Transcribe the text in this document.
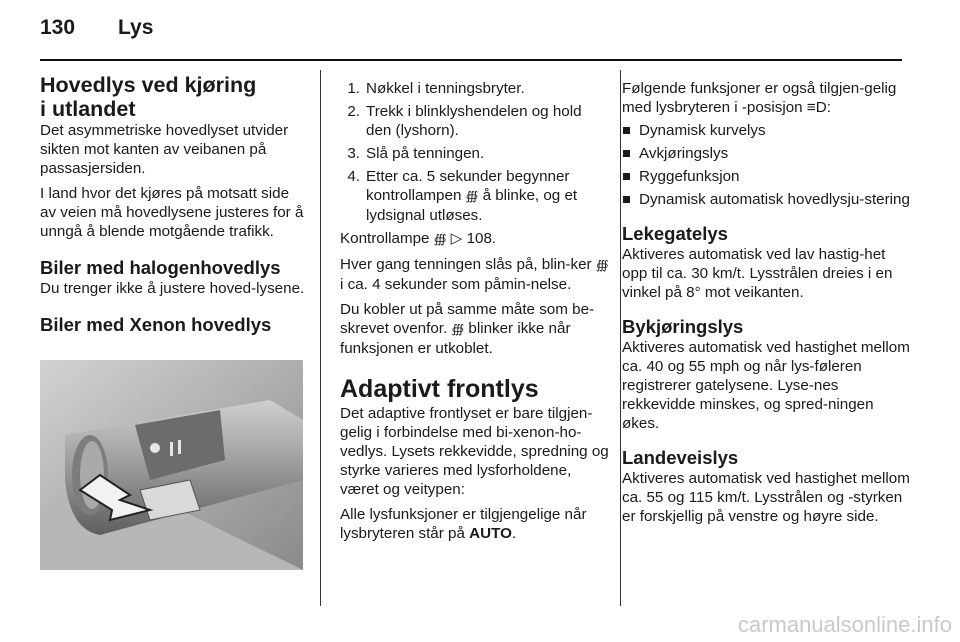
130 Lys
Hovedlys ved kjøring
i utlandet

Det asymmetriske hovedlyset utvider sikten mot kanten av veibanen på passasjersiden.

I land hvor det kjøres på motsatt side av veien må hovedlysene justeres for å unngå å blende motgående trafikk.

Biler med halogenhovedlys

Du trenger ikke å justere hoved-lysene.

Biler med Xenon hovedlys
1. Nøkkel i tenningsbryter.
2. Trekk i blinklyshendelen og hold den (lyshorn).
3. Slå på tenningen.
4. Etter ca. 5 sekunder begynner kontrollampen ∰ å blinke, og et lydsignal utløses.

Kontrollampe ∰ ▷ 108.

Hver gang tenningen slås på, blin-ker ∰ i ca. 4 sekunder som påmin-nelse.

Du kobler ut på samme måte som be-skrevet ovenfor. ∰ blinker ikke når funksjonen er utkoblet.

Adaptivt frontlys

Det adaptive frontlyset er bare tilgjen-gelig i forbindelse med bi-xenon-ho-vedlys. Lysets rekkevidde, spredning og styrke varieres med lysforholdene, været og veitypen:

Alle lysfunksjoner er tilgjengelige når lysbryteren står på AUTO.

Følgende funksjoner er også tilgjen-gelig med lysbryteren i -posisjon ≡D:

Dynamisk kurvelys
Avkjøringslys
Ryggefunksjon
Dynamisk automatisk hovedlysju-stering
Lekegatelys

Aktiveres automatisk ved lav hastig-het opp til ca. 30 km/t. Lysstrålen dreies i en vinkel på 8° mot veikanten.

Bykjøringslys

Aktiveres automatisk ved hastighet mellom ca. 40 og 55 mph og når lys-føleren registrerer gatelysene. Lyse-nes rekkevidde minskes, og spred-ningen økes.

Landeveislys

Aktiveres automatisk ved hastighet mellom ca. 55 og 115 km/t. Lysstrålen og -styrken er forskjellig på venstre og høyre side.

carmanualsonline.info
